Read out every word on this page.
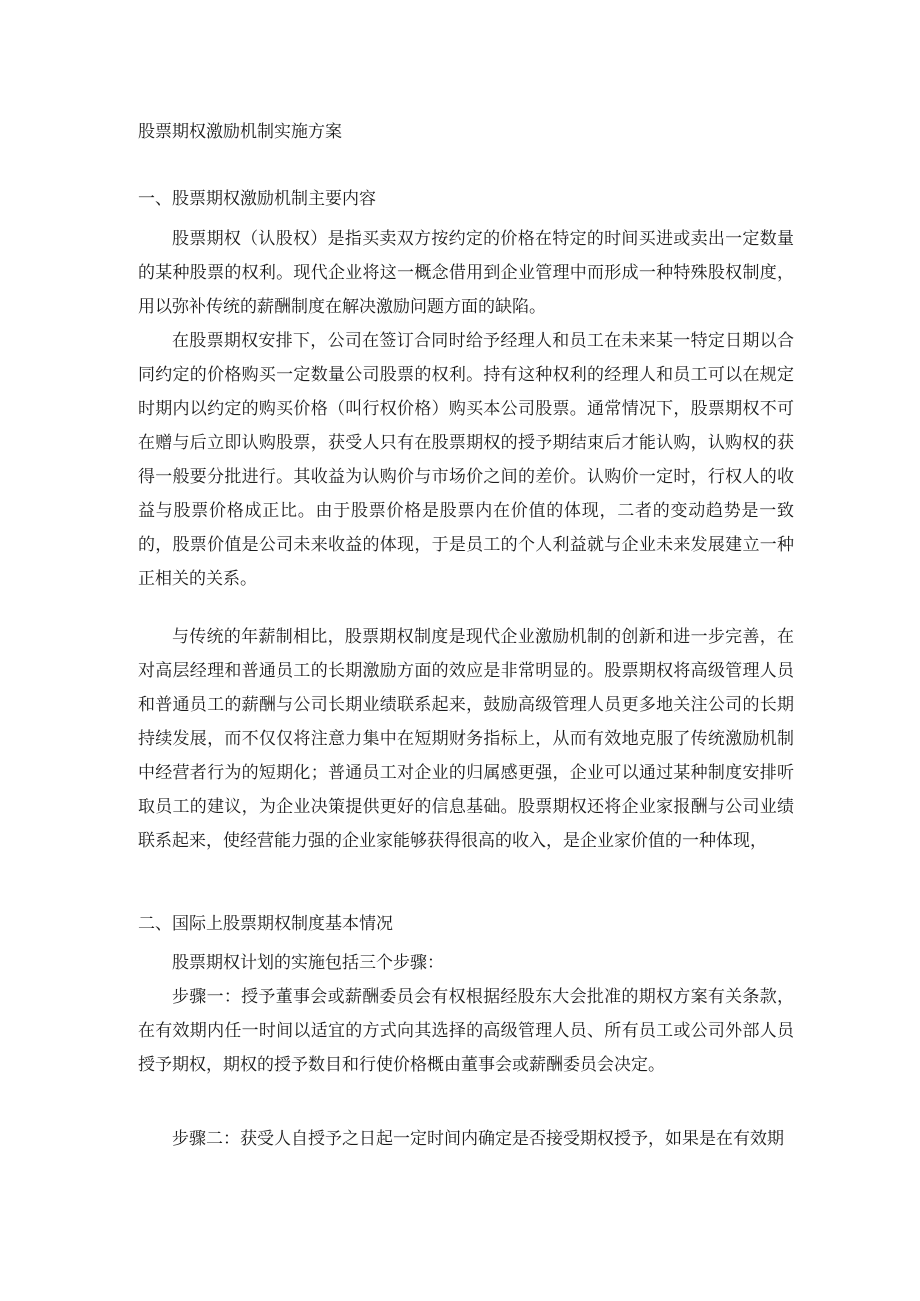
股票期权激励机制实施方案
一、股票期权激励机制主要内容

股票期权（认股权）是指买卖双方按约定的价格在特定的时间买进或卖出一定数量的某种股票的权利。现代企业将这一概念借用到企业管理中而形成一种特殊股权制度，用以弥补传统的薪酬制度在解决激励问题方面的缺陷。

在股票期权安排下，公司在签订合同时给予经理人和员工在未来某一特定日期以合同约定的价格购买一定数量公司股票的权利。持有这种权利的经理人和员工可以在规定时期内以约定的购买价格（叫行权价格）购买本公司股票。通常情况下，股票期权不可在赠与后立即认购股票，获受人只有在股票期权的授予期结束后才能认购，认购权的获得一般要分批进行。其收益为认购价与市场价之间的差价。认购价一定时，行权人的收益与股票价格成正比。由于股票价格是股票内在价值的体现，二者的变动趋势是一致的，股票价值是公司未来收益的体现，于是员工的个人利益就与企业未来发展建立一种正相关的关系。

与传统的年薪制相比，股票期权制度是现代企业激励机制的创新和进一步完善，在对高层经理和普通员工的长期激励方面的效应是非常明显的。股票期权将高级管理人员和普通员工的薪酬与公司长期业绩联系起来，鼓励高级管理人员更多地关注公司的长期持续发展，而不仅仅将注意力集中在短期财务指标上，从而有效地克服了传统激励机制中经营者行为的短期化；普通员工对企业的归属感更强，企业可以通过某种制度安排听取员工的建议，为企业决策提供更好的信息基础。股票期权还将企业家报酬与公司业绩联系起来，使经营能力强的企业家能够获得很高的收入，是企业家价值的一种体现，

二、国际上股票期权制度基本情况

股票期权计划的实施包括三个步骤：

步骤一：授予董事会或薪酬委员会有权根据经股东大会批准的期权方案有关条款，在有效期内任一时间以适宜的方式向其选择的高级管理人员、所有员工或公司外部人员授予期权，期权的授予数目和行使价格概由董事会或薪酬委员会决定。

步骤二：获受人自授予之日起一定时间内确定是否接受期权授予，如果是在有效期
